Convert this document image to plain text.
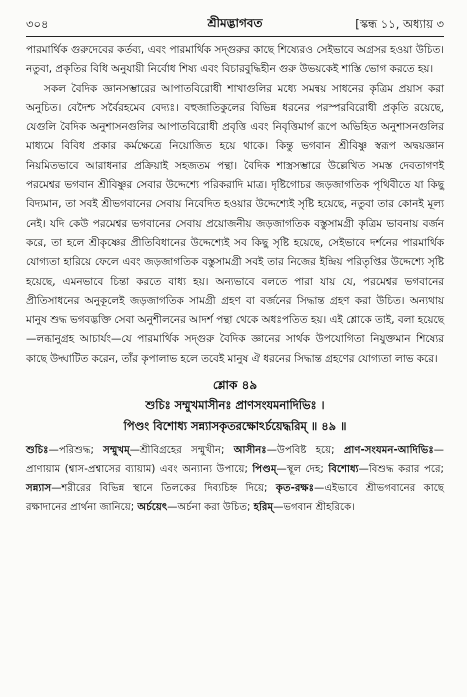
৩০৪	শ্রীমদ্ভাগবত	[স্কন্ধ ১১, অধ্যায় ৩

পারমার্থিক গুরুদেবের কর্তব্য, এবং পারমার্থিক সদ্গুরুর কাছে শিষ্যেরও সেইভাবে অগ্রসর হওয়া উচিত। নতুবা, প্রকৃতির বিধি অনুযায়ী নির্বোধ শিষ্য এবং বিচারবুদ্ধিহীন গুরু উভয়কেই শাস্তি ভোগ করতে হয়।

সকল বৈদিক জ্ঞানসম্ভারের আপাতবিরোধী শাখাগুলির মধ্যে সমন্বয় সাধনের কৃত্রিম প্রয়াস করা অনুচিত। বেদৈশ্চ সর্বৈরহমেব বেদ্যঃ। বহুজাতিকুলের বিভিন্ন ধরনের পরস্পরবিরোধী প্রকৃতি রয়েছে, যেগুলি বৈদিক অনুশাসনগুলির আপাতবিরোধী প্রবৃত্তি এবং নিবৃত্তিমার্গ রূপে অভিহিত অনুশাসনগুলির মাধ্যমে বিবিধ প্রকার কর্মক্ষেত্রে নিয়োজিত হয়ে থাকে। কিন্তু ভগবান শ্রীবিষ্ণু স্বরূপ অদ্বয়জ্ঞান নিয়মিতভাবে আরাধনার প্রক্রিয়াই সহজতম পন্থা। বৈদিক শাস্ত্রসম্ভারে উল্লেখিত সমস্ত দেবতাগণই পরমেশ্বর ভগবান শ্রীবিষ্ণুর সেবার উদ্দেশ্যে পরিকরাদি মাত্র। দৃষ্টিগোচর জড়জাগতিক পৃথিবীতে যা কিছু বিদ্যমান, তা সবই শ্রীভগবানের সেবায় নিবেদিত হওয়ার উদ্দেশ্যেই সৃষ্টি হয়েছে, নতুবা তার কোনই মূল্য নেই। যদি কেউ পরমেশ্বর ভগবানের সেবায় প্রয়োজনীয় জড়জাগতিক বস্তুসামগ্রী কৃত্রিম ভাবনায় বর্জন করে, তা হলে শ্রীকৃষ্ণের প্রীতিবিধানের উদ্দেশ্যেই সব কিছু সৃষ্টি হয়েছে, সেইভাবে দর্শনের পারমার্থিক যোগ্যতা হারিয়ে ফেলে এবং জড়জাগতিক বস্তুসামগ্রী সবই তার নিজের ইন্দ্রিয় পরিতৃপ্তির উদ্দেশ্যে সৃষ্টি হয়েছে, এমনভাবে চিন্তা করতে বাধ্য হয়। অন্যভাবে বলতে পারা যায় যে, পরমেশ্বর ভগবানের প্রীতিসাধনের অনুকূলেই জড়জাগতিক সামগ্রী গ্রহণ বা বর্জনের সিদ্ধান্ত গ্রহণ করা উচিত। অন্যথায় মানুষ শুদ্ধ ভগবদ্ভক্তি সেবা অনুশীলনের আদর্শ পন্থা থেকে অধঃপতিত হয়। এই শ্লোকে তাই, বলা হয়েছে—লব্ধানুগ্রহ আচার্যং—যে পারমার্থিক সদ্গুরু বৈদিক জ্ঞানের সার্থক উপযোগিতা নিযুক্তমান শিষ্যের কাছে উদ্ঘাটিত করেন, তাঁর কৃপালাভ হলে তবেই মানুষ ঐ ধরনের সিদ্ধান্ত গ্রহণের যোগ্যতা লাভ করে।

শ্লোক ৪৯
শুচিঃ সম্মুখমাসীনঃ প্রাণসংযমনাদিভিঃ ।
পিণ্ডং বিশোধ্য সন্ন্যাসকৃতরক্ষোঽর্চয়েদ্ধরিম্ ॥ ৪৯ ॥
শুচিঃ—পরিশুদ্ধ; সম্মুখম্—শ্রীবিগ্রহের সম্মুখীন; আসীনঃ—উপবিষ্ট হয়ে; প্রাণ-সংযমন-আদিভিঃ—প্রাণায়াম (শ্বাস-প্রশ্বাসের ব্যায়াম) এবং অন্যান্য উপায়ে; পিণ্ডম্—স্থূল দেহ; বিশোধ্য—বিশুদ্ধ করার পরে; সন্ন্যাস—শরীরের বিভিন্ন স্থানে তিলকের দিব্যচিহ্ন দিয়ে; কৃত-রক্ষঃ—এইভাবে শ্রীভগবানের কাছে রক্ষাদানের প্রার্থনা জানিয়ে; অর্চয়েৎ—অর্চনা করা উচিত; হরিম্—ভগবান শ্রীহরিকে।
